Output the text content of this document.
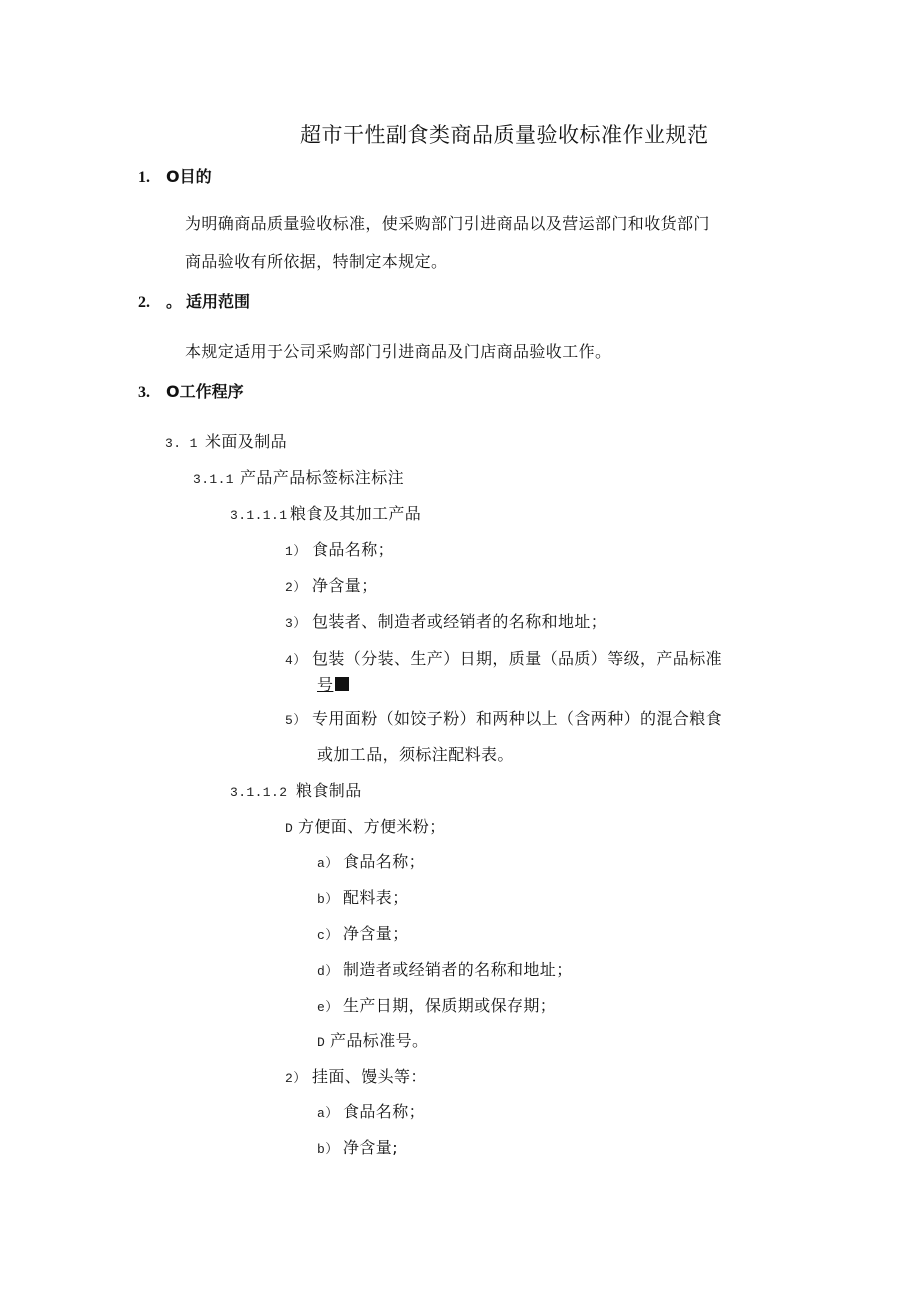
超市干性副食类商品质量验收标准作业规范
1. O目的
为明确商品质量验收标准，使采购部门引进商品以及营运部门和收货部门
商品验收有所依据，特制定本规定。
2. 。 适用范围
本规定适用于公司采购部门引进商品及门店商品验收工作。
3. O工作程序
3. 1 米面及制品
3.1.1 产品产品标签标注标注
3.1.1.1 粮食及其加工产品
1） 食品名称；
2） 净含量；
3） 包装者、制造者或经销者的名称和地址；
4） 包装（分装、生产）日期，质量（品质）等级，产品标准
号
5） 专用面粉（如饺子粉）和两种以上（含两种）的混合粮食
或加工品，须标注配料表。
3.1.1.2 粮食制品
D 方便面、方便米粉；
a） 食品名称；
b） 配料表；
c） 净含量；
d） 制造者或经销者的名称和地址；
e） 生产日期，保质期或保存期；
D 产品标准号。
2） 挂面、馒头等：
a） 食品名称；
b） 净含量;
